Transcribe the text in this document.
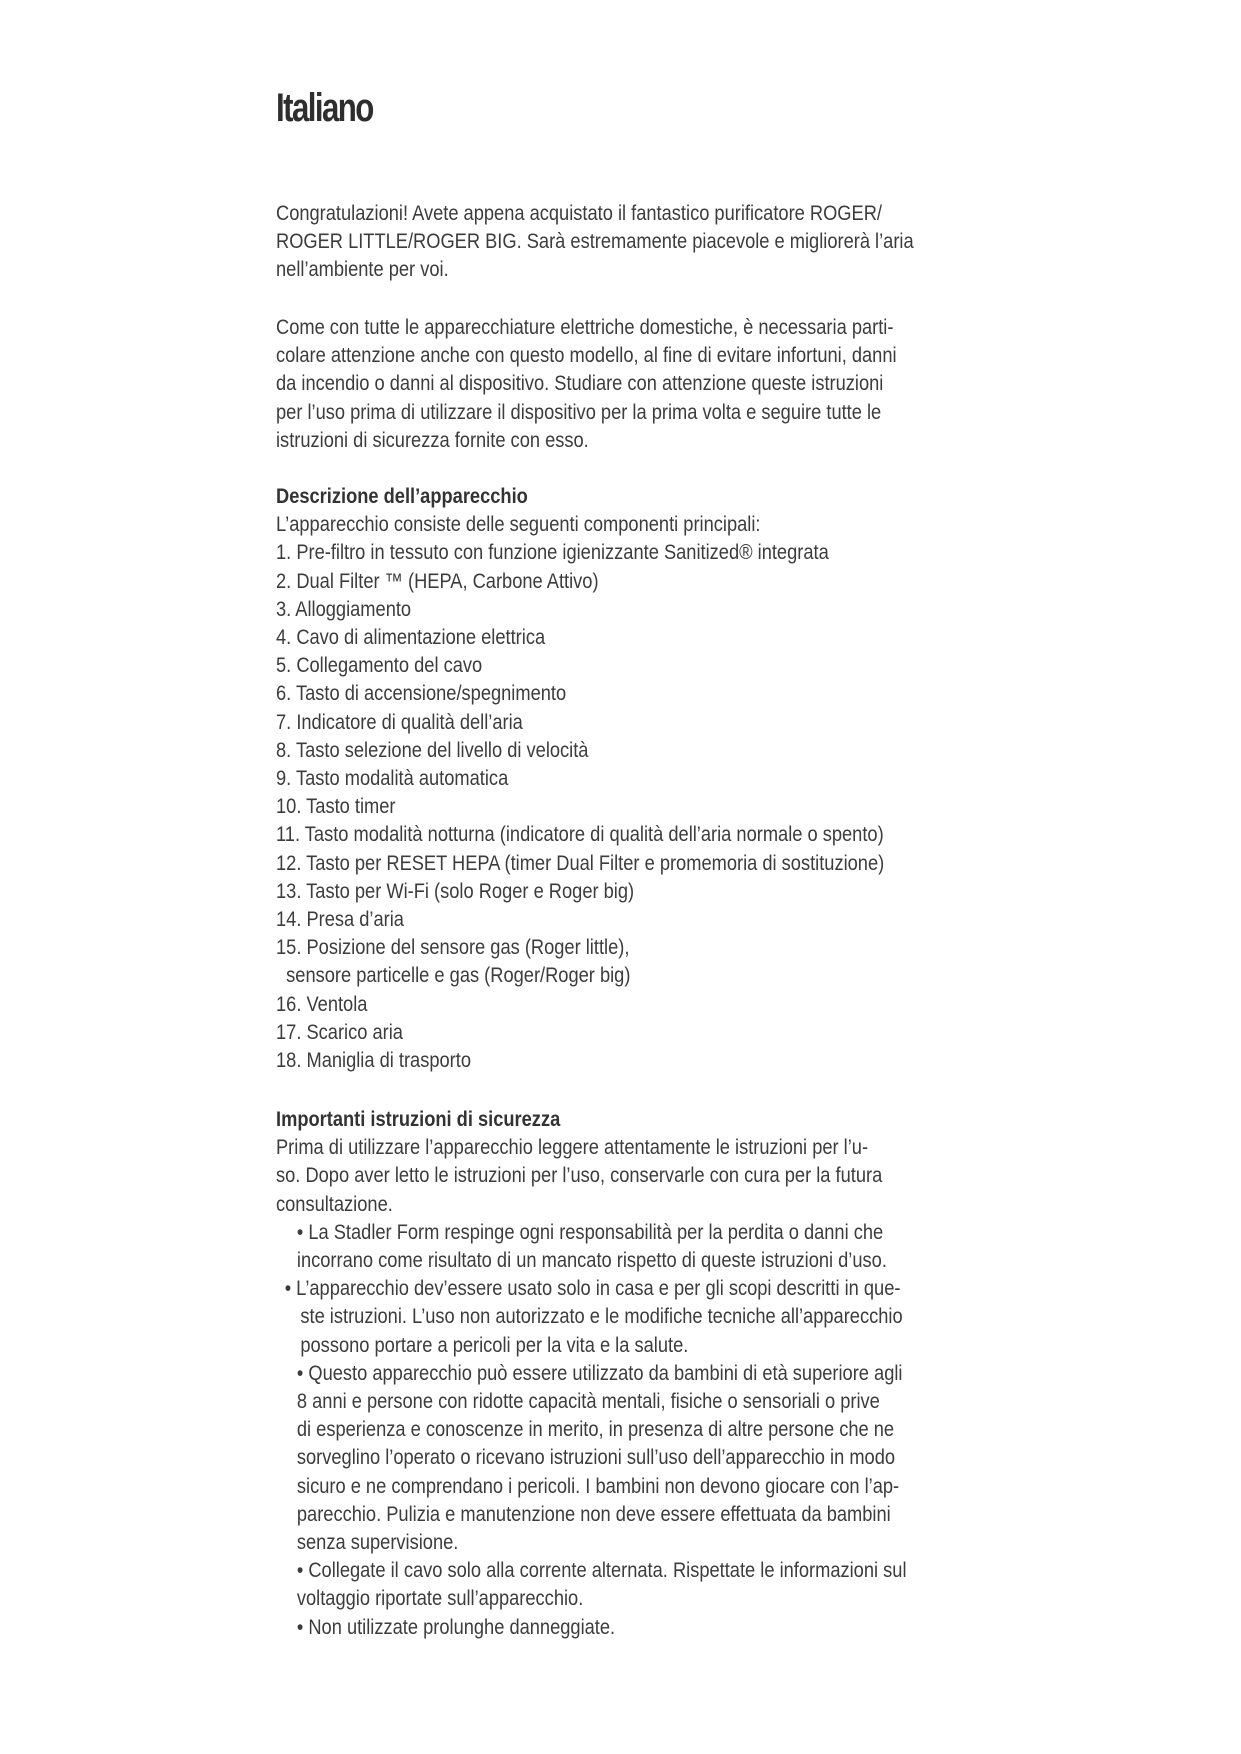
Italiano

Congratulazioni! Avete appena acquistato il fantastico purificatore ROGER/

ROGER LITTLE/ROGER BIG. Sarà estremamente piacevole e migliorerà l’aria

nell’ambiente per voi.

Come con tutte le apparecchiature elettriche domestiche, è necessaria parti-

colare attenzione anche con questo modello, al fine di evitare infortuni, danni

da incendio o danni al dispositivo. Studiare con attenzione queste istruzioni

per l’uso prima di utilizzare il dispositivo per la prima volta e seguire tutte le

istruzioni di sicurezza fornite con esso.

Descrizione dell’apparecchio

L’apparecchio consiste delle seguenti componenti principali:

1. Pre-filtro in tessuto con funzione igienizzante Sanitized® integrata

2. Dual Filter ™ (HEPA, Carbone Attivo)

3. Alloggiamento

4. Cavo di alimentazione elettrica

5. Collegamento del cavo

6. Tasto di accensione/spegnimento

7. Indicatore di qualità dell’aria

8. Tasto selezione del livello di velocità

9. Tasto modalità automatica

10. Tasto timer

11. Tasto modalità notturna (indicatore di qualità dell’aria normale o spento)

12. Tasto per RESET HEPA (timer Dual Filter e promemoria di sostituzione)

13. Tasto per Wi-Fi (solo Roger e Roger big)

14. Presa d’aria

15. Posizione del sensore gas (Roger little),

sensore particelle e gas (Roger/Roger big)

16. Ventola

17. Scarico aria

18. Maniglia di trasporto

Importanti istruzioni di sicurezza

Prima di utilizzare l’apparecchio leggere attentamente le istruzioni per l’u-

so. Dopo aver letto le istruzioni per l’uso, conservarle con cura per la futura

consultazione.

• La Stadler Form respinge ogni responsabilità per la perdita o danni che

incorrano come risultato di un mancato rispetto di queste istruzioni d’uso.

• L’apparecchio dev’essere usato solo in casa e per gli scopi descritti in que-

ste istruzioni. L’uso non autorizzato e le modifiche tecniche all’apparecchio

possono portare a pericoli per la vita e la salute.

• Questo apparecchio può essere utilizzato da bambini di età superiore agli

8 anni e persone con ridotte capacità mentali, fisiche o sensoriali o prive

di esperienza e conoscenze in merito, in presenza di altre persone che ne

sorveglino l’operato o ricevano istruzioni sull’uso dell’apparecchio in modo

sicuro e ne comprendano i pericoli. I bambini non devono giocare con l’ap-

parecchio. Pulizia e manutenzione non deve essere effettuata da bambini

senza supervisione.

• Collegate il cavo solo alla corrente alternata. Rispettate le informazioni sul

voltaggio riportate sull’apparecchio.

• Non utilizzate prolunghe danneggiate.
